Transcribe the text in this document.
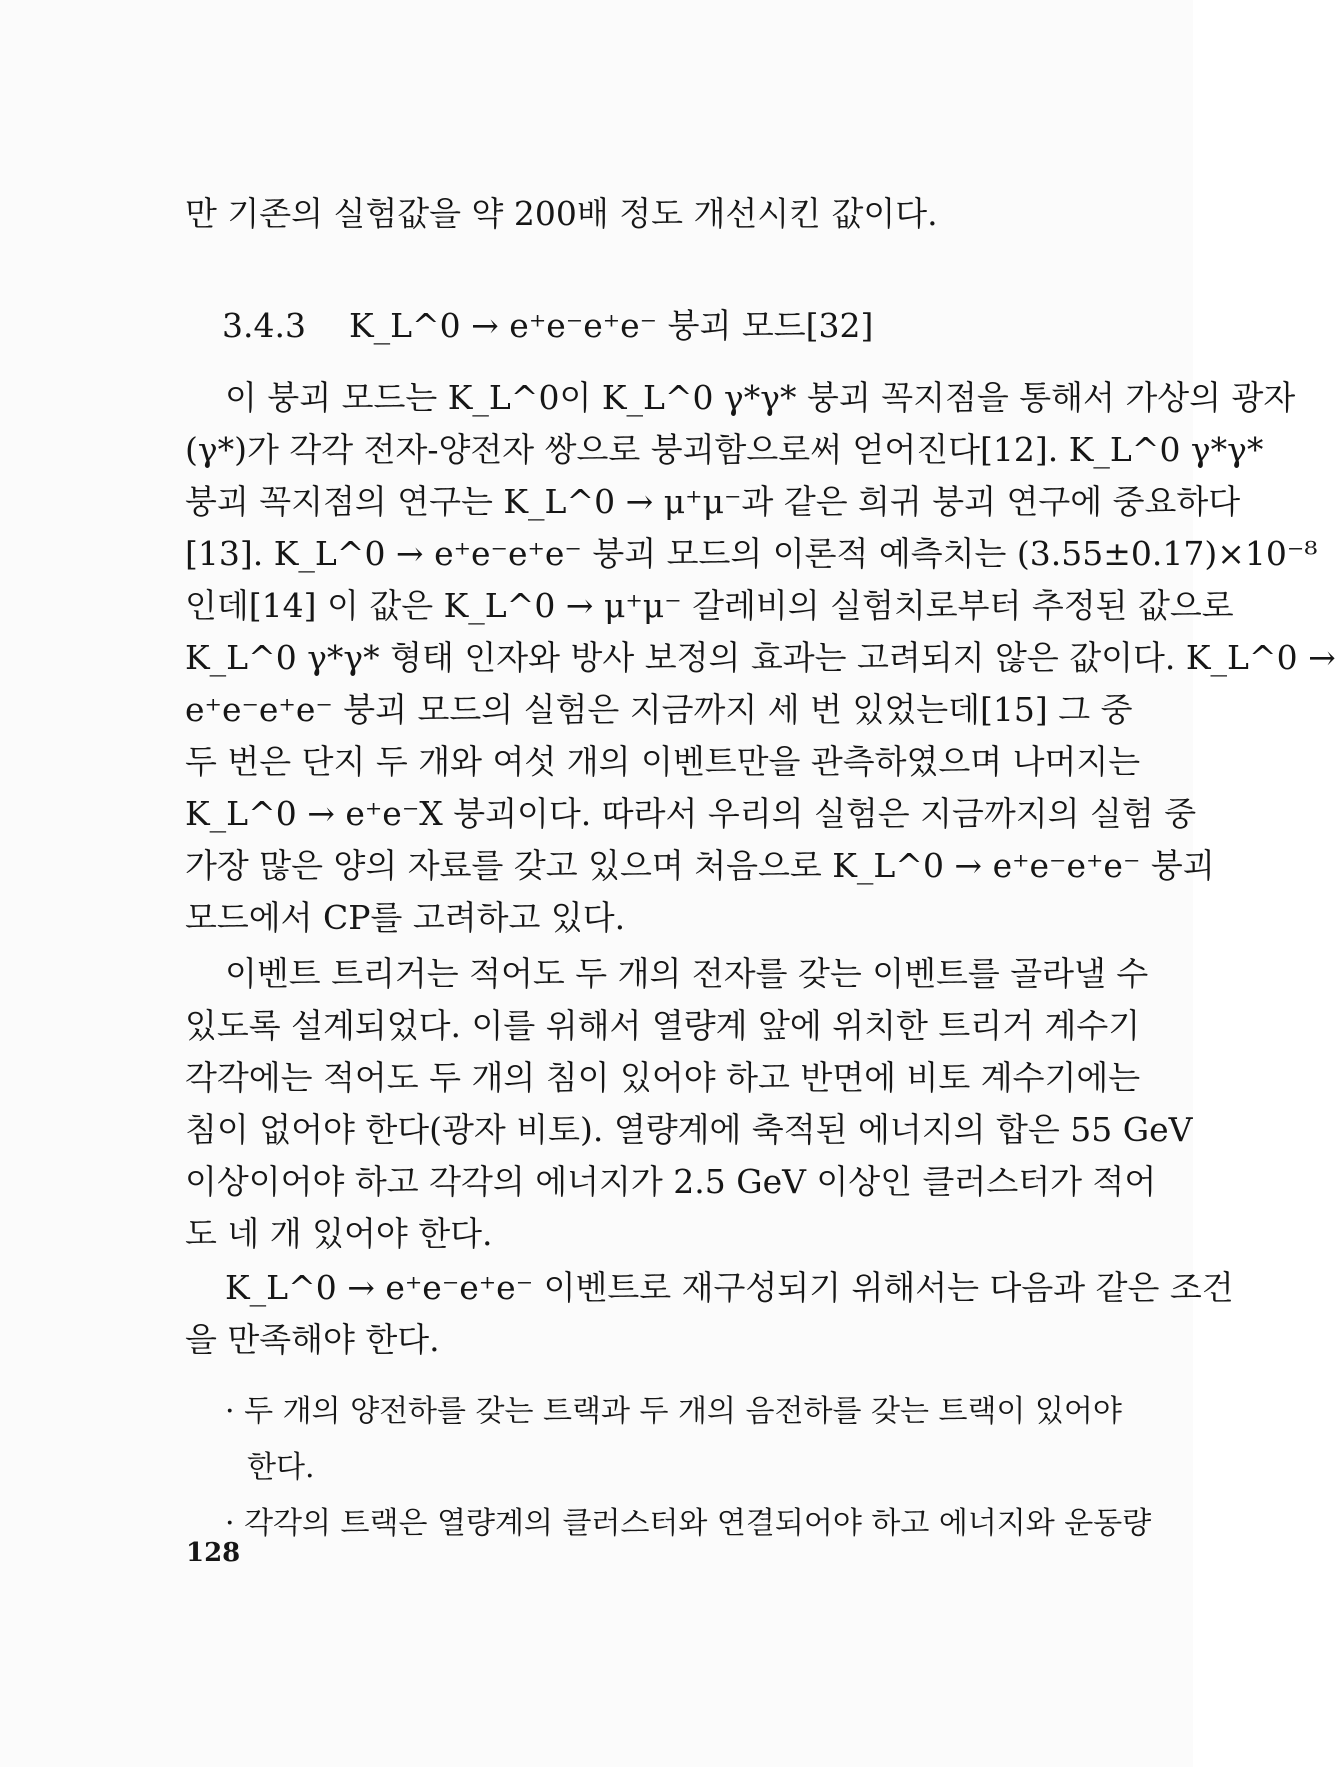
만 기존의 실험값을 약 200배 정도 개선시킨 값이다.
3.4.3 K_L^0 → e⁺e⁻e⁺e⁻ 붕괴 모드[32]
이 붕괴 모드는 K_L^0이 K_L^0 γ*γ* 붕괴 꼭지점을 통해서 가상의 광자
(γ*)가 각각 전자-양전자 쌍으로 붕괴함으로써 얻어진다[12]. K_L^0 γ*γ*
붕괴 꼭지점의 연구는 K_L^0 → μ⁺μ⁻과 같은 희귀 붕괴 연구에 중요하다
[13]. K_L^0 → e⁺e⁻e⁺e⁻ 붕괴 모드의 이론적 예측치는 (3.55±0.17)×10⁻⁸
인데[14] 이 값은 K_L^0 → μ⁺μ⁻ 갈레비의 실험치로부터 추정된 값으로
K_L^0 γ*γ* 형태 인자와 방사 보정의 효과는 고려되지 않은 값이다. K_L^0 →
e⁺e⁻e⁺e⁻ 붕괴 모드의 실험은 지금까지 세 번 있었는데[15] 그 중
두 번은 단지 두 개와 여섯 개의 이벤트만을 관측하였으며 나머지는
K_L^0 → e⁺e⁻X 붕괴이다. 따라서 우리의 실험은 지금까지의 실험 중
가장 많은 양의 자료를 갖고 있으며 처음으로 K_L^0 → e⁺e⁻e⁺e⁻ 붕괴
모드에서 CP를 고려하고 있다.
이벤트 트리거는 적어도 두 개의 전자를 갖는 이벤트를 골라낼 수
있도록 설계되었다. 이를 위해서 열량계 앞에 위치한 트리거 계수기
각각에는 적어도 두 개의 침이 있어야 하고 반면에 비토 계수기에는
침이 없어야 한다(광자 비토). 열량계에 축적된 에너지의 합은 55 GeV
이상이어야 하고 각각의 에너지가 2.5 GeV 이상인 클러스터가 적어
도 네 개 있어야 한다.
K_L^0 → e⁺e⁻e⁺e⁻ 이벤트로 재구성되기 위해서는 다음과 같은 조건
을 만족해야 한다.
· 두 개의 양전하를 갖는 트랙과 두 개의 음전하를 갖는 트랙이 있어야
한다.
· 각각의 트랙은 열량계의 클러스터와 연결되어야 하고 에너지와 운동량
128
